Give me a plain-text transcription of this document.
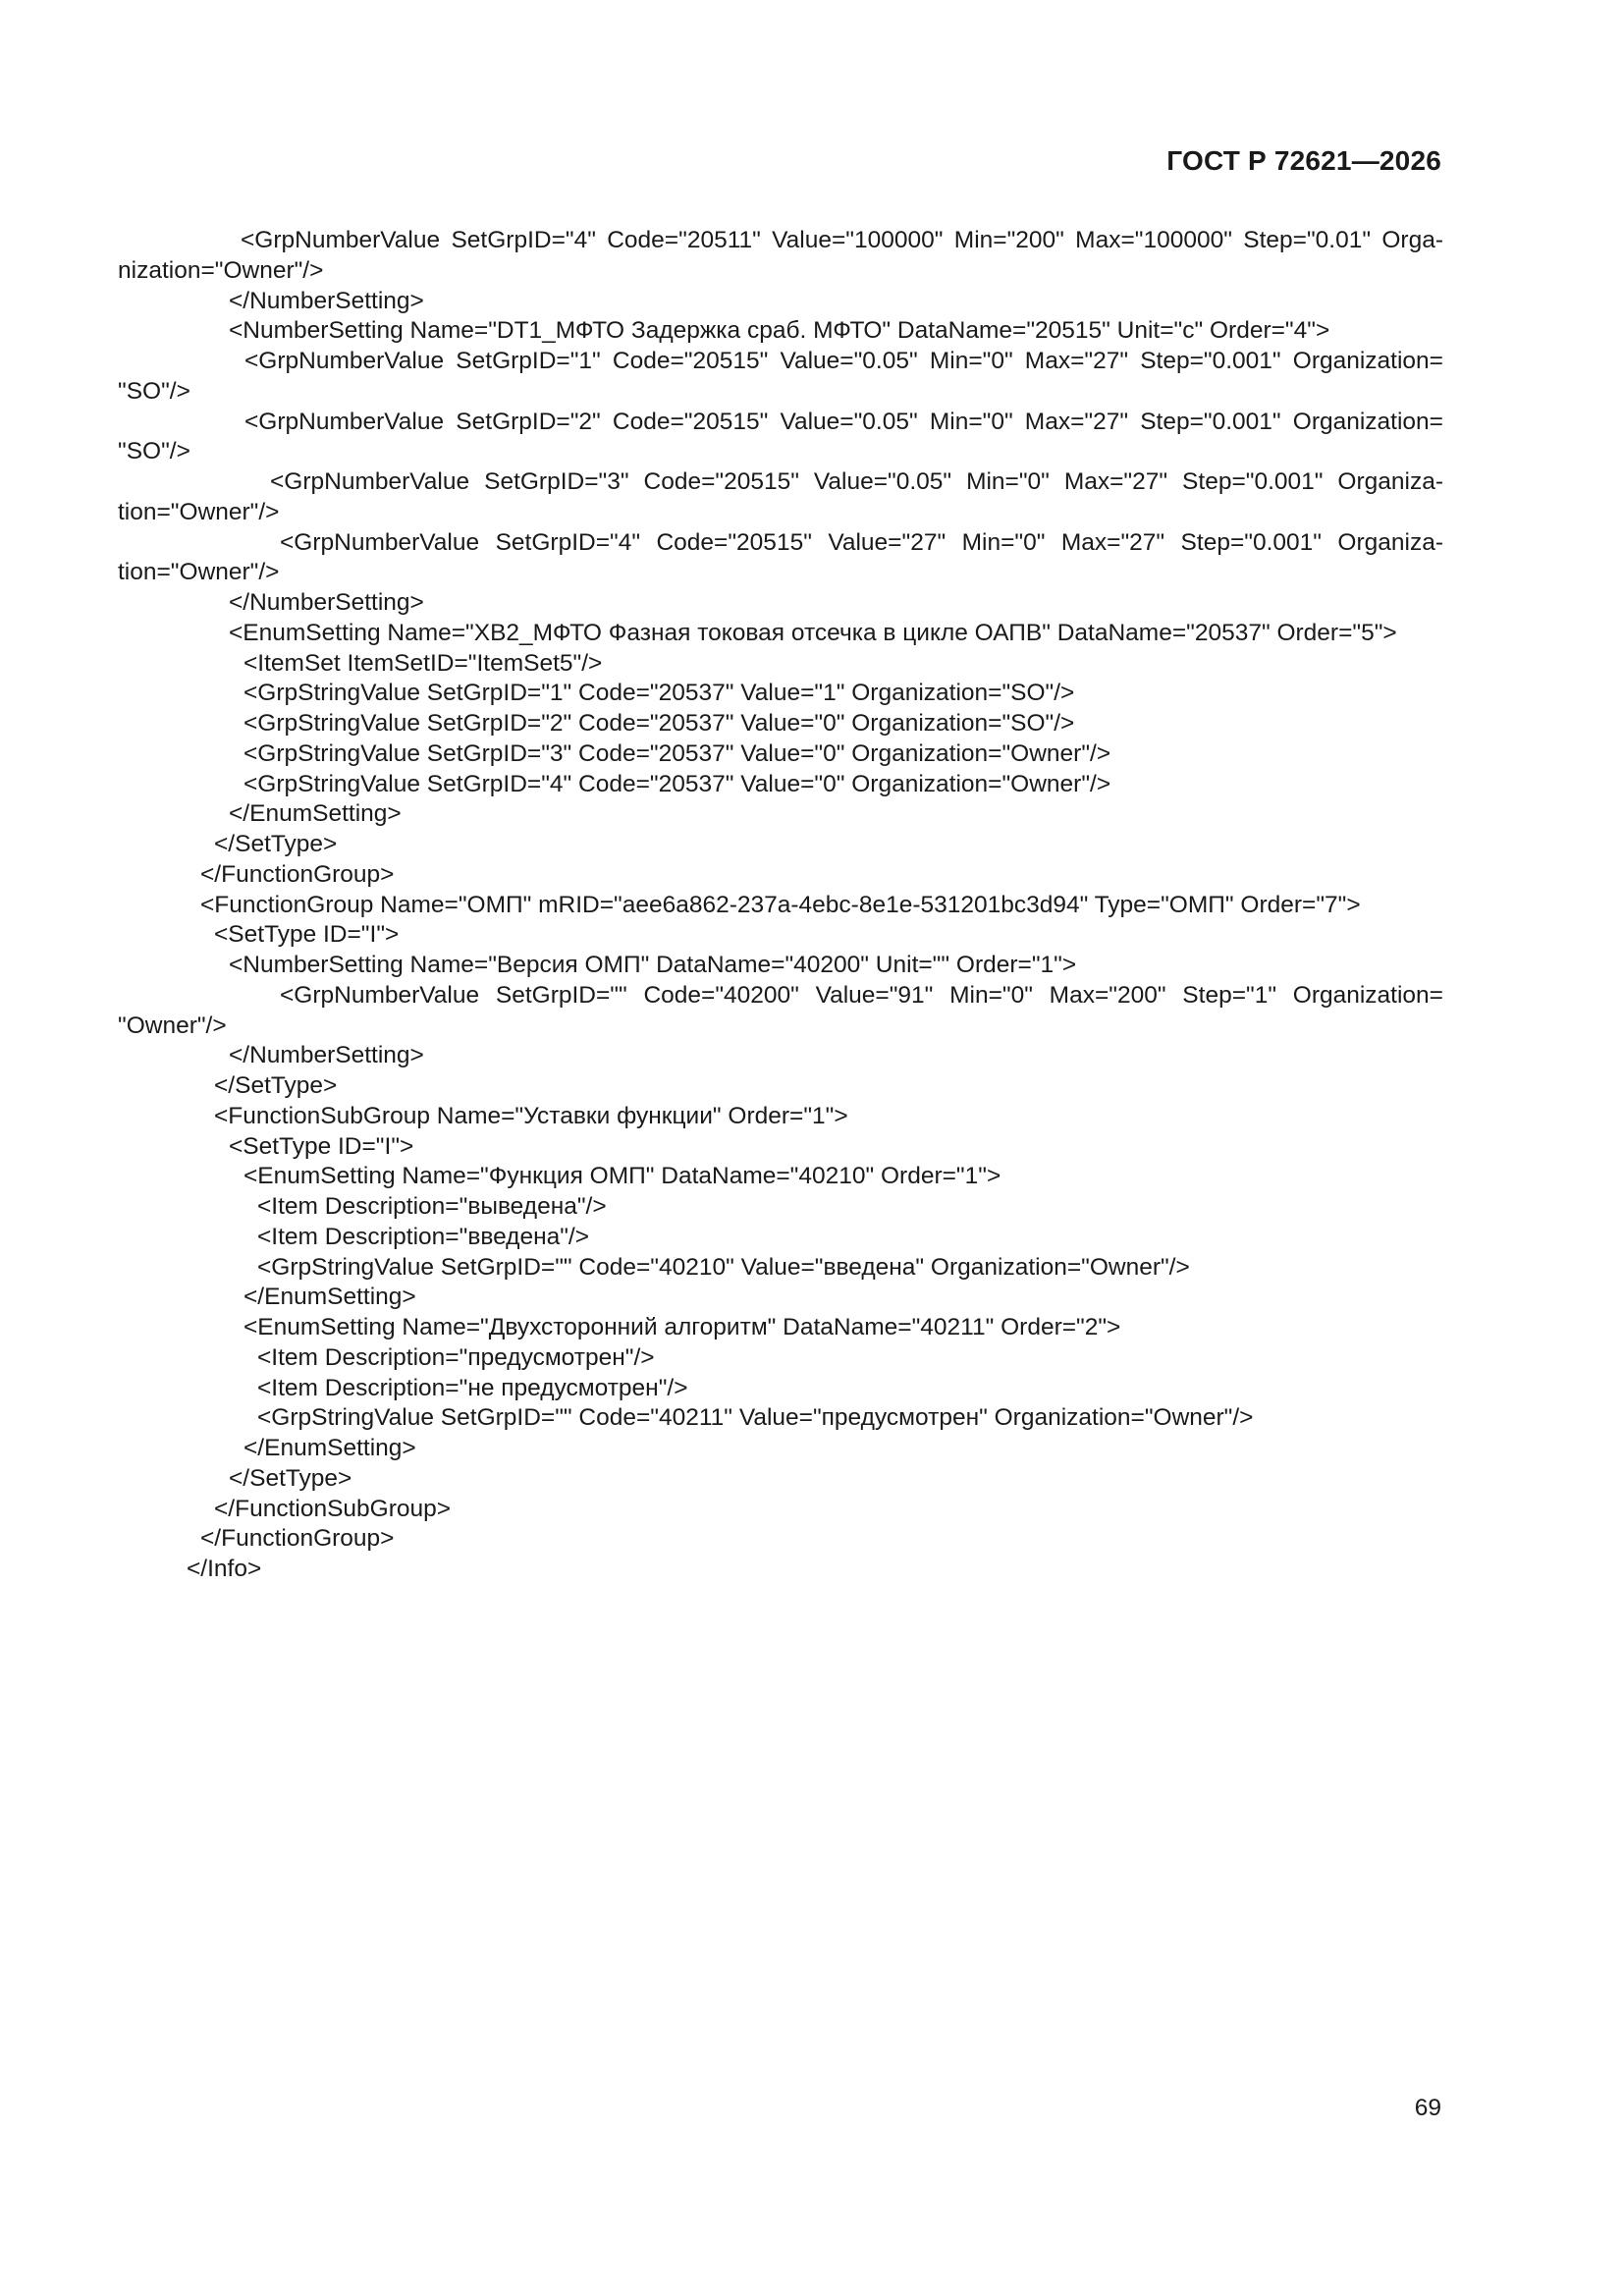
ГОСТ Р 72621—2026
<GrpNumberValue SetGrpID="4" Code="20511" Value="100000" Min="200" Max="100000" Step="0.01" Orga-
nization="Owner"/>
</NumberSetting>
<NumberSetting Name="DT1_МФТО Задержка сраб. МФТО" DataName="20515" Unit="c" Order="4">
<GrpNumberValue SetGrpID="1" Code="20515" Value="0.05" Min="0" Max="27" Step="0.001" Organization=
"SO"/>
<GrpNumberValue SetGrpID="2" Code="20515" Value="0.05" Min="0" Max="27" Step="0.001" Organization=
"SO"/>
<GrpNumberValue SetGrpID="3" Code="20515" Value="0.05" Min="0" Max="27" Step="0.001" Organiza-
tion="Owner"/>
<GrpNumberValue SetGrpID="4" Code="20515" Value="27" Min="0" Max="27" Step="0.001" Organiza-
tion="Owner"/>
</NumberSetting>
<EnumSetting Name="XB2_МФТО Фазная токовая отсечка в цикле ОАПВ" DataName="20537" Order="5">
<ItemSet ItemSetID="ItemSet5"/>
<GrpStringValue SetGrpID="1" Code="20537" Value="1" Organization="SO"/>
<GrpStringValue SetGrpID="2" Code="20537" Value="0" Organization="SO"/>
<GrpStringValue SetGrpID="3" Code="20537" Value="0" Organization="Owner"/>
<GrpStringValue SetGrpID="4" Code="20537" Value="0" Organization="Owner"/>
</EnumSetting>
</SetType>
</FunctionGroup>
<FunctionGroup Name="ОМП" mRID="aee6a862-237a-4ebc-8e1e-531201bc3d94" Type="ОМП" Order="7">
<SetType ID="I">
<NumberSetting Name="Версия ОМП" DataName="40200" Unit="" Order="1">
<GrpNumberValue SetGrpID="" Code="40200" Value="91" Min="0" Max="200" Step="1" Organization=
"Owner"/>
</NumberSetting>
</SetType>
<FunctionSubGroup Name="Уставки функции" Order="1">
<SetType ID="I">
<EnumSetting Name="Функция ОМП" DataName="40210" Order="1">
<Item Description="выведена"/>
<Item Description="введена"/>
<GrpStringValue SetGrpID="" Code="40210" Value="введена" Organization="Owner"/>
</EnumSetting>
<EnumSetting Name="Двухсторонний алгоритм" DataName="40211" Order="2">
<Item Description="предусмотрен"/>
<Item Description="не предусмотрен"/>
<GrpStringValue SetGrpID="" Code="40211" Value="предусмотрен" Organization="Owner"/>
</EnumSetting>
</SetType>
</FunctionSubGroup>
</FunctionGroup>
</Info>
69
